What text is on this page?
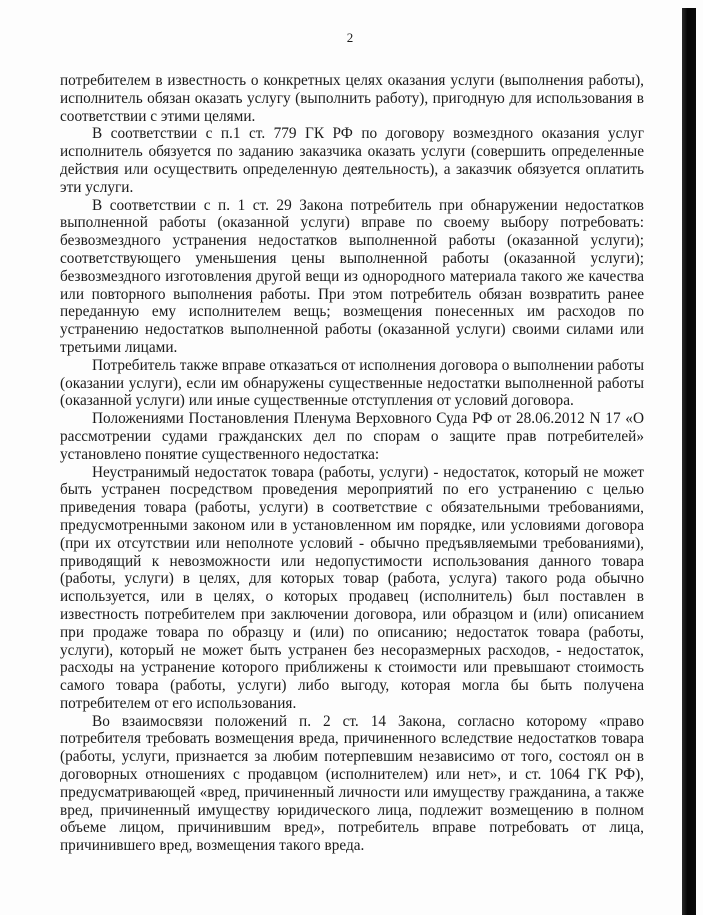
2

потребителем в известность о конкретных целях оказания услуги (выполнения работы), исполнитель обязан оказать услугу (выполнить работу), пригодную для использования в соответствии с этими целями.

В соответствии с п.1 ст. 779 ГК РФ по договору возмездного оказания услуг исполнитель обязуется по заданию заказчика оказать услуги (совершить определенные действия или осуществить определенную деятельность), а заказчик обязуется оплатить эти услуги.

В соответствии с п. 1 ст. 29 Закона потребитель при обнаружении недостатков выполненной работы (оказанной услуги) вправе по своему выбору потребовать: безвозмездного устранения недостатков выполненной работы (оказанной услуги); соответствующего уменьшения цены выполненной работы (оказанной услуги); безвозмездного изготовления другой вещи из однородного материала такого же качества или повторного выполнения работы. При этом потребитель обязан возвратить ранее переданную ему исполнителем вещь; возмещения понесенных им расходов по устранению недостатков выполненной работы (оказанной услуги) своими силами или третьими лицами.

Потребитель также вправе отказаться от исполнения договора о выполнении работы (оказании услуги), если им обнаружены существенные недостатки выполненной работы (оказанной услуги) или иные существенные отступления от условий договора.

Положениями Постановления Пленума Верховного Суда РФ от 28.06.2012 N 17 «О рассмотрении судами гражданских дел по спорам о защите прав потребителей» установлено понятие существенного недостатка:

Неустранимый недостаток товара (работы, услуги) - недостаток, который не может быть устранен посредством проведения мероприятий по его устранению с целью приведения товара (работы, услуги) в соответствие с обязательными требованиями, предусмотренными законом или в установленном им порядке, или условиями договора (при их отсутствии или неполноте условий - обычно предъявляемыми требованиями), приводящий к невозможности или недопустимости использования данного товара (работы, услуги) в целях, для которых товар (работа, услуга) такого рода обычно используется, или в целях, о которых продавец (исполнитель) был поставлен в известность потребителем при заключении договора, или образцом и (или) описанием при продаже товара по образцу и (или) по описанию; недостаток товара (работы, услуги), который не может быть устранен без несоразмерных расходов, - недостаток, расходы на устранение которого приближены к стоимости или превышают стоимость самого товара (работы, услуги) либо выгоду, которая могла бы быть получена потребителем от его использования.

Во взаимосвязи положений п. 2 ст. 14 Закона, согласно которому «право потребителя требовать возмещения вреда, причиненного вследствие недостатков товара (работы, услуги, признается за любим потерпевшим независимо от того, состоял он в договорных отношениях с продавцом (исполнителем) или нет», и ст. 1064 ГК РФ), предусматривающей «вред, причиненный личности или имуществу гражданина, а также вред, причиненный имуществу юридического лица, подлежит возмещению в полном объеме лицом, причинившим вред», потребитель вправе потребовать от лица, причинившего вред, возмещения такого вреда.
